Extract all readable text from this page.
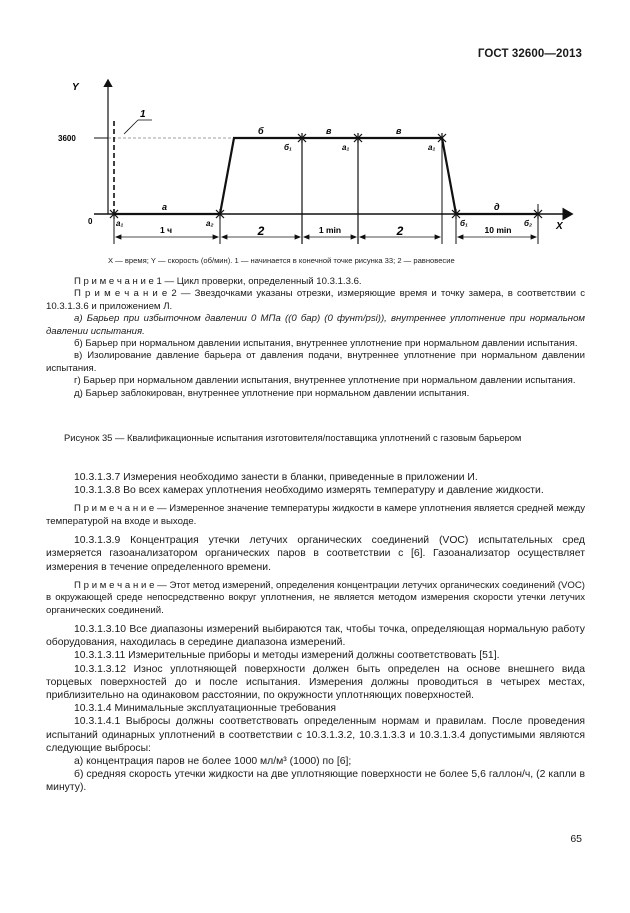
ГОСТ 32600—2013
Y
X
0
3600
1
а
б	в	в
д
а₁	а₂
б₁	а₁	а₁
б₁	б₂
1 ч	2	1 min	2	10 min
X — время; Y — скорость (об/мин). 1 — начинается в конечной точке рисунка 33; 2 — равновесие

П р и м е ч а н и е 1 — Цикл проверки, определенный 10.3.1.3.6.

П р и м е ч а н и е 2 — Звездочками указаны отрезки, измеряющие время и точку замера, в соответствии с 10.3.1.3.6 и приложением Л.

а) Барьер при избыточном давлении 0 МПа ((0 бар) (0 фунт/psi)), внутреннее уплотнение при нормальном давлении испытания.

б) Барьер при нормальном давлении испытания, внутреннее уплотнение при нормальном давлении испытания.

в) Изолирование давление барьера от давления подачи, внутреннее уплотнение при нормальном давлении испытания.

г) Барьер при нормальном давлении испытания, внутреннее уплотнение при нормальном давлении испытания.

д) Барьер заблокирован, внутреннее уплотнение при нормальном давлении испытания.

Рисунок 35 — Квалификационные испытания изготовителя/поставщика уплотнений с газовым барьером

10.3.1.3.7 Измерения необходимо занести в бланки, приведенные в приложении И.

10.3.1.3.8 Во всех камерах уплотнения необходимо измерять температуру и давление жидкости.

П р и м е ч а н и е — Измеренное значение температуры жидкости в камере уплотнения является средней между температурой на входе и выходе.

10.3.1.3.9 Концентрация утечки летучих органических соединений (VOC) испытательных сред измеряется газоанализатором органических паров в соответствии с [6]. Газоанализатор осуществляет измерения в течение определенного времени.

П р и м е ч а н и е — Этот метод измерений, определения концентрации летучих органических соединений (VOC) в окружающей среде непосредственно вокруг уплотнения, не является методом измерения скорости утечки летучих органических соединений.

10.3.1.3.10 Все диапазоны измерений выбираются так, чтобы точка, определяющая нормальную работу оборудования, находилась в середине диапазона измерений.

10.3.1.3.11 Измерительные приборы и методы измерений должны соответствовать [51].

10.3.1.3.12 Износ уплотняющей поверхности должен быть определен на основе внешнего вида торцевых поверхностей до и после испытания. Измерения должны проводиться в четырех местах, приблизительно на одинаковом расстоянии, по окружности уплотняющих поверхностей.

10.3.1.4 Минимальные эксплуатационные требования

10.3.1.4.1 Выбросы должны соответствовать определенным нормам и правилам. После проведения испытаний одинарных уплотнений в соответствии с 10.3.1.3.2, 10.3.1.3.3 и 10.3.1.3.4 допустимыми являются следующие выбросы:

а) концентрация паров не более 1000 мл/м³ (1000) по [6];

б) средняя скорость утечки жидкости на две уплотняющие поверхности не более 5,6 галлон/ч, (2 капли в минуту).

65
